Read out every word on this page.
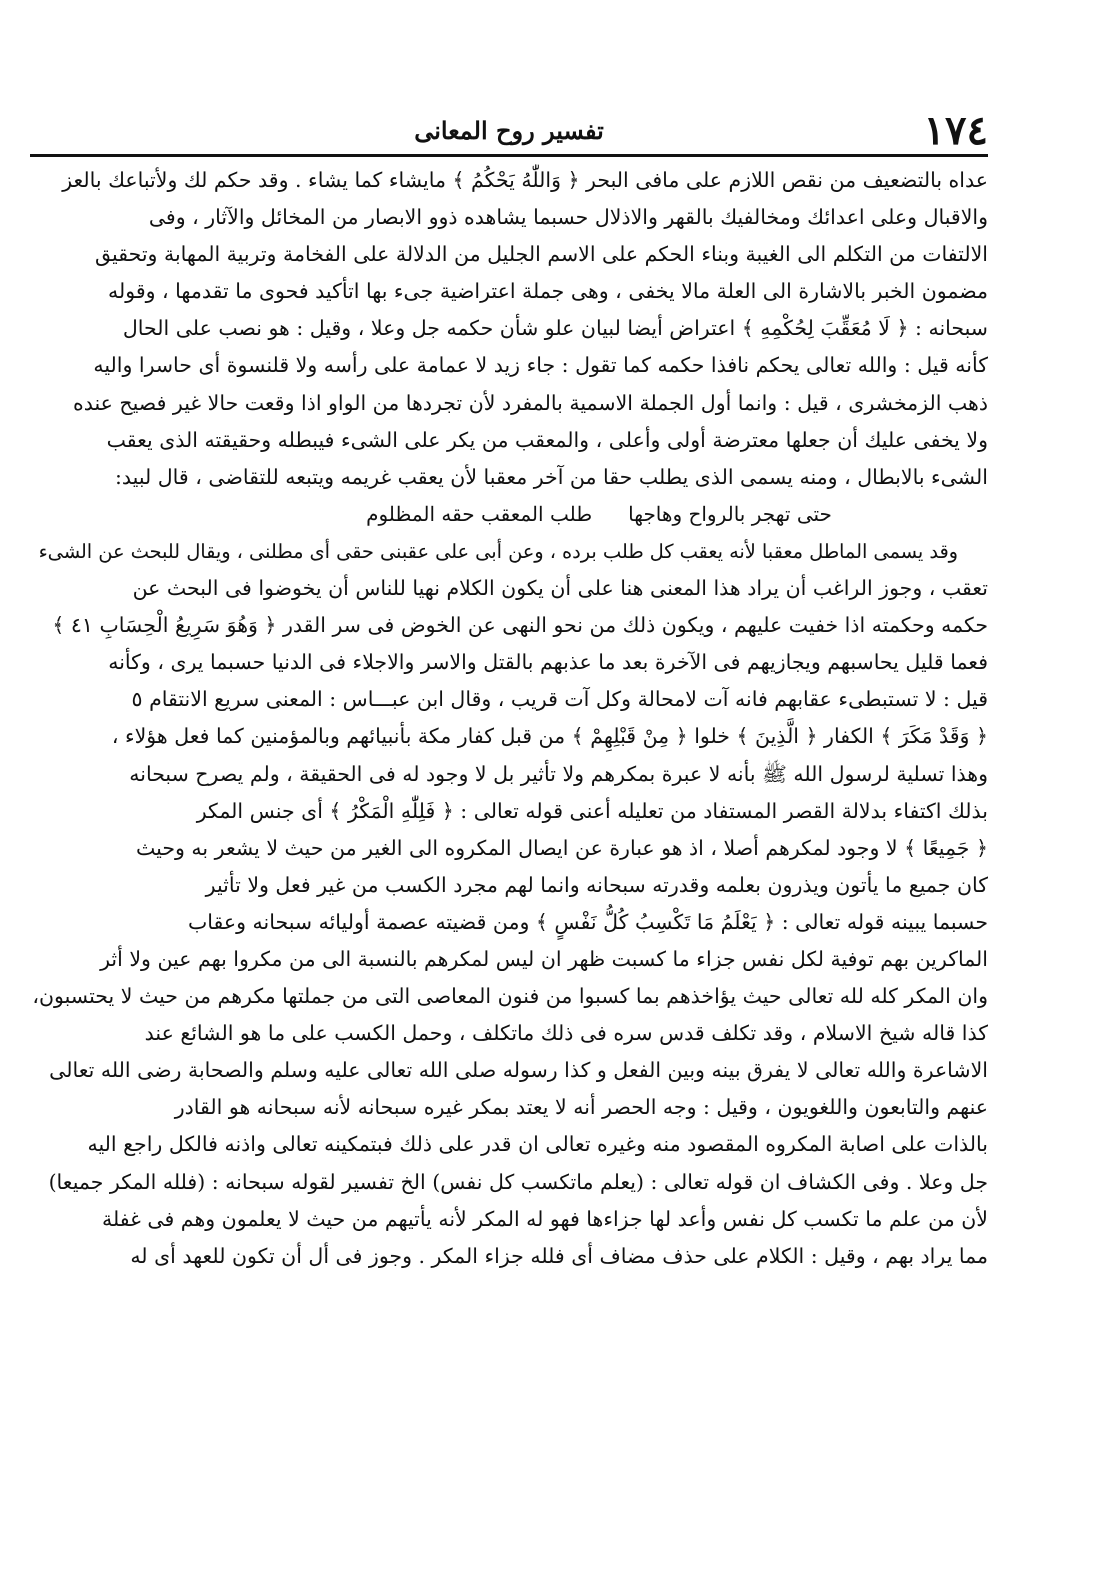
١٧٤
تفسير روح المعانى
عداه بالتضعيف من نقص اللازم على مافى البحر ﴿ وَاللّٰهُ يَحْكُمُ ﴾ مايشاء كما يشاء . وقد حكم لك ولأتباعك بالعز
والاقبال وعلى اعدائك ومخالفيك بالقهر والاذلال حسبما يشاهده ذوو الابصار من المخائل والآثار ، وفى
الالتفات من التكلم الى الغيبة وبناء الحكم على الاسم الجليل من الدلالة على الفخامة وتربية المهابة وتحقيق
مضمون الخبر بالاشارة الى العلة مالا يخفى ، وهى جملة اعتراضية جىء بها اتأكيد فحوى ما تقدمها ، وقوله
سبحانه : ﴿ لَا مُعَقِّبَ لِحُكْمِهِ ﴾ اعتراض أيضا لبيان علو شأن حكمه جل وعلا ، وقيل : هو نصب على الحال
كأنه قيل : والله تعالى يحكم نافذا حكمه كما تقول : جاء زيد لا عمامة على رأسه ولا قلنسوة أى حاسرا واليه
ذهب الزمخشرى ، قيل : وانما أول الجملة الاسمية بالمفرد لأن تجردها من الواو اذا وقعت حالا غير فصيح عنده
ولا يخفى عليك أن جعلها معترضة أولى وأعلى ، والمعقب من يكر على الشىء فيبطله وحقيقته الذى يعقب
الشىء بالابطال ، ومنه يسمى الذى يطلب حقا من آخر معقبا لأن يعقب غريمه ويتبعه للتقاضى ، قال لبيد:
حتى تهجر بالرواح وهاجهاطلب المعقب حقه المظلوم
وقد يسمى الماطل معقبا لأنه يعقب كل طلب برده ، وعن أبى على عقبنى حقى أى مطلنى ، ويقال للبحث عن الشىء
تعقب ، وجوز الراغب أن يراد هذا المعنى هنا على أن يكون الكلام نهيا للناس أن يخوضوا فى البحث عن
حكمه وحكمته اذا خفيت عليهم ، ويكون ذلك من نحو النهى عن الخوض فى سر القدر ﴿ وَهُوَ سَرِيعُ الْحِسَابِ ٤١ ﴾
فعما قليل يحاسبهم ويجازيهم فى الآخرة بعد ما عذبهم بالقتل والاسر والاجلاء فى الدنيا حسبما يرى ، وكأنه
قيل : لا تستبطىء عقابهم فانه آت لامحالة وكل آت قريب ، وقال ابن عبـــاس : المعنى سريع الانتقام ٥
﴿ وَقَدْ مَكَرَ ﴾ الكفار ﴿ الَّذِينَ ﴾ خلوا ﴿ مِنْ قَبْلِهِمْ ﴾ من قبل كفار مكة بأنبيائهم وبالمؤمنين كما فعل هؤلاء ،
وهذا تسلية لرسول الله ﷺ بأنه لا عبرة بمكرهم ولا تأثير بل لا وجود له فى الحقيقة ، ولم يصرح سبحانه
بذلك اكتفاء بدلالة القصر المستفاد من تعليله أعنى قوله تعالى : ﴿ فَلِلّٰهِ الْمَكْرُ ﴾ أى جنس المكر
﴿ جَمِيعًا ﴾ لا وجود لمكرهم أصلا ، اذ هو عبارة عن ايصال المكروه الى الغير من حيث لا يشعر به وحيث
كان جميع ما يأتون ويذرون بعلمه وقدرته سبحانه وانما لهم مجرد الكسب من غير فعل ولا تأثير
حسبما يبينه قوله تعالى : ﴿ يَعْلَمُ مَا تَكْسِبُ كُلُّ نَفْسٍ ﴾ ومن قضيته عصمة أوليائه سبحانه وعقاب
الماكرين بهم توفية لكل نفس جزاء ما كسبت ظهر ان ليس لمكرهم بالنسبة الى من مكروا بهم عين ولا أثر
وان المكر كله لله تعالى حيث يؤاخذهم بما كسبوا من فنون المعاصى التى من جملتها مكرهم من حيث لا يحتسبون،
كذا قاله شيخ الاسلام ، وقد تكلف قدس سره فى ذلك ماتكلف ، وحمل الكسب على ما هو الشائع عند
الاشاعرة والله تعالى لا يفرق بينه وبين الفعل و كذا رسوله صلى الله تعالى عليه وسلم والصحابة رضى الله تعالى
عنهم والتابعون واللغويون ، وقيل : وجه الحصر أنه لا يعتد بمكر غيره سبحانه لأنه سبحانه هو القادر
بالذات على اصابة المكروه المقصود منه وغيره تعالى ان قدر على ذلك فبتمكينه تعالى واذنه فالكل راجع اليه
جل وعلا . وفى الكشاف ان قوله تعالى : (يعلم ماتكسب كل نفس) الخ تفسير لقوله سبحانه : (فلله المكر جميعا)
لأن من علم ما تكسب كل نفس وأعد لها جزاءها فهو له المكر لأنه يأتيهم من حيث لا يعلمون وهم فى غفلة
مما يراد بهم ، وقيل : الكلام على حذف مضاف أى فلله جزاء المكر . وجوز فى أل أن تكون للعهد أى له
